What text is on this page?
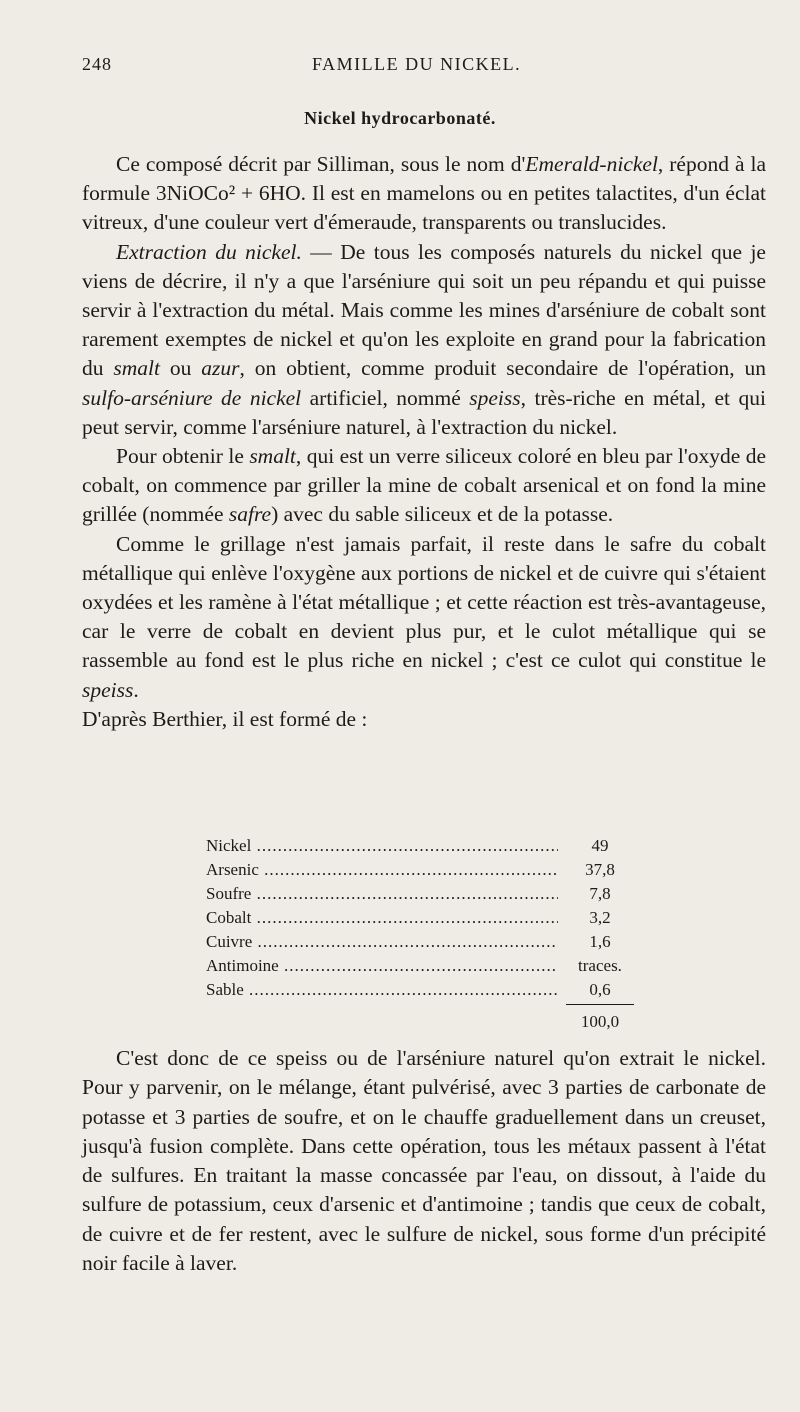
248	FAMILLE DU NICKEL.
Nickel hydrocarbonaté.

Ce composé décrit par Silliman, sous le nom d'Emerald-nickel, répond à la formule 3NiOCo² + 6HO. Il est en mamelons ou en petites talactites, d'un éclat vitreux, d'une couleur vert d'émeraude, transparents ou translucides.

Extraction du nickel. — De tous les composés naturels du nickel que je viens de décrire, il n'y a que l'arséniure qui soit un peu répandu et qui puisse servir à l'extraction du métal. Mais comme les mines d'arséniure de cobalt sont rarement exemptes de nickel et qu'on les exploite en grand pour la fabrication du smalt ou azur, on obtient, comme produit secondaire de l'opération, un sulfo-arséniure de nickel artificiel, nommé speiss, très-riche en métal, et qui peut servir, comme l'arséniure naturel, à l'extraction du nickel.

Pour obtenir le smalt, qui est un verre siliceux coloré en bleu par l'oxyde de cobalt, on commence par griller la mine de cobalt arsenical et on fond la mine grillée (nommée safre) avec du sable siliceux et de la potasse.

Comme le grillage n'est jamais parfait, il reste dans le safre du cobalt métallique qui enlève l'oxygène aux portions de nickel et de cuivre qui s'étaient oxydées et les ramène à l'état métallique ; et cette réaction est très-avantageuse, car le verre de cobalt en devient plus pur, et le culot métallique qui se rassemble au fond est le plus riche en nickel ; c'est ce culot qui constitue le speiss.

D'après Berthier, il est formé de :

Nickel .....	49
Arsenic .....	37,8
Soufre .....	7,8
Cobalt .....	3,2
Cuivre .....	1,6
Antimoine .....	traces.
Sable .....	0,6
100,0

C'est donc de ce speiss ou de l'arséniure naturel qu'on extrait le nickel. Pour y parvenir, on le mélange, étant pulvérisé, avec 3 parties de carbonate de potasse et 3 parties de soufre, et on le chauffe graduellement dans un creuset, jusqu'à fusion complète. Dans cette opération, tous les métaux passent à l'état de sulfures. En traitant la masse concassée par l'eau, on dissout, à l'aide du sulfure de potassium, ceux d'arsenic et d'antimoine ; tandis que ceux de cobalt, de cuivre et de fer restent, avec le sulfure de nickel, sous forme d'un précipité noir facile à laver.
